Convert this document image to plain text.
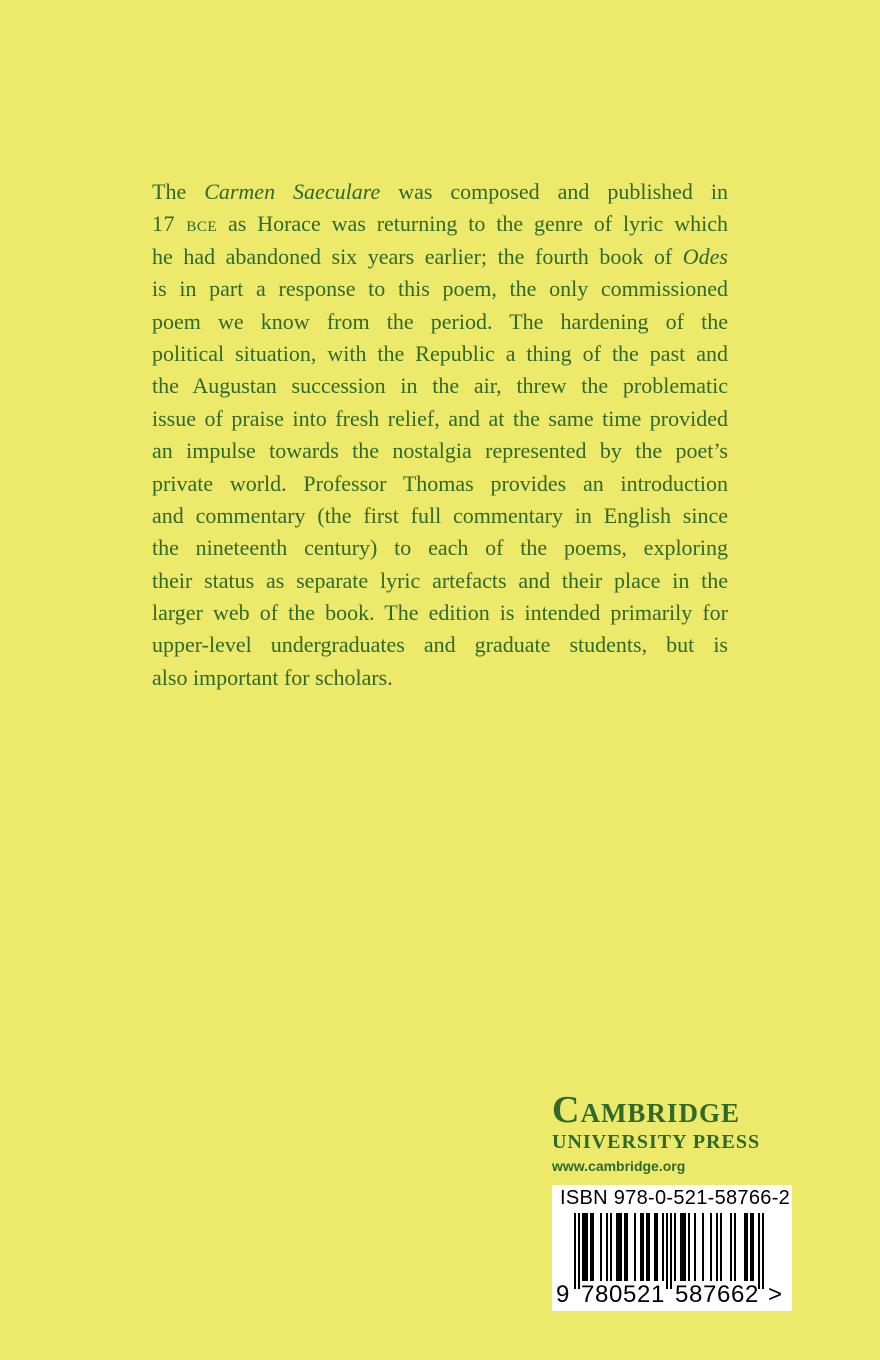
The Carmen Saeculare was composed and published in
17 bce as Horace was returning to the genre of lyric which
he had abandoned six years earlier; the fourth book of Odes
is in part a response to this poem, the only commissioned
poem we know from the period. The hardening of the
political situation, with the Republic a thing of the past and
the Augustan succession in the air, threw the problematic
issue of praise into fresh relief, and at the same time provided
an impulse towards the nostalgia represented by the poet’s
private world. Professor Thomas provides an introduction
and commentary (the first full commentary in English since
the nineteenth century) to each of the poems, exploring
their status as separate lyric artefacts and their place in the
larger web of the book. The edition is intended primarily for
upper-level undergraduates and graduate students, but is
also important for scholars.

Cambridge

UNIVERSITY PRESS

www.cambridge.org

ISBN 978-0-521-58766-2
9 7 8 0 5 2 1 5 8 7 6 6 2 >
